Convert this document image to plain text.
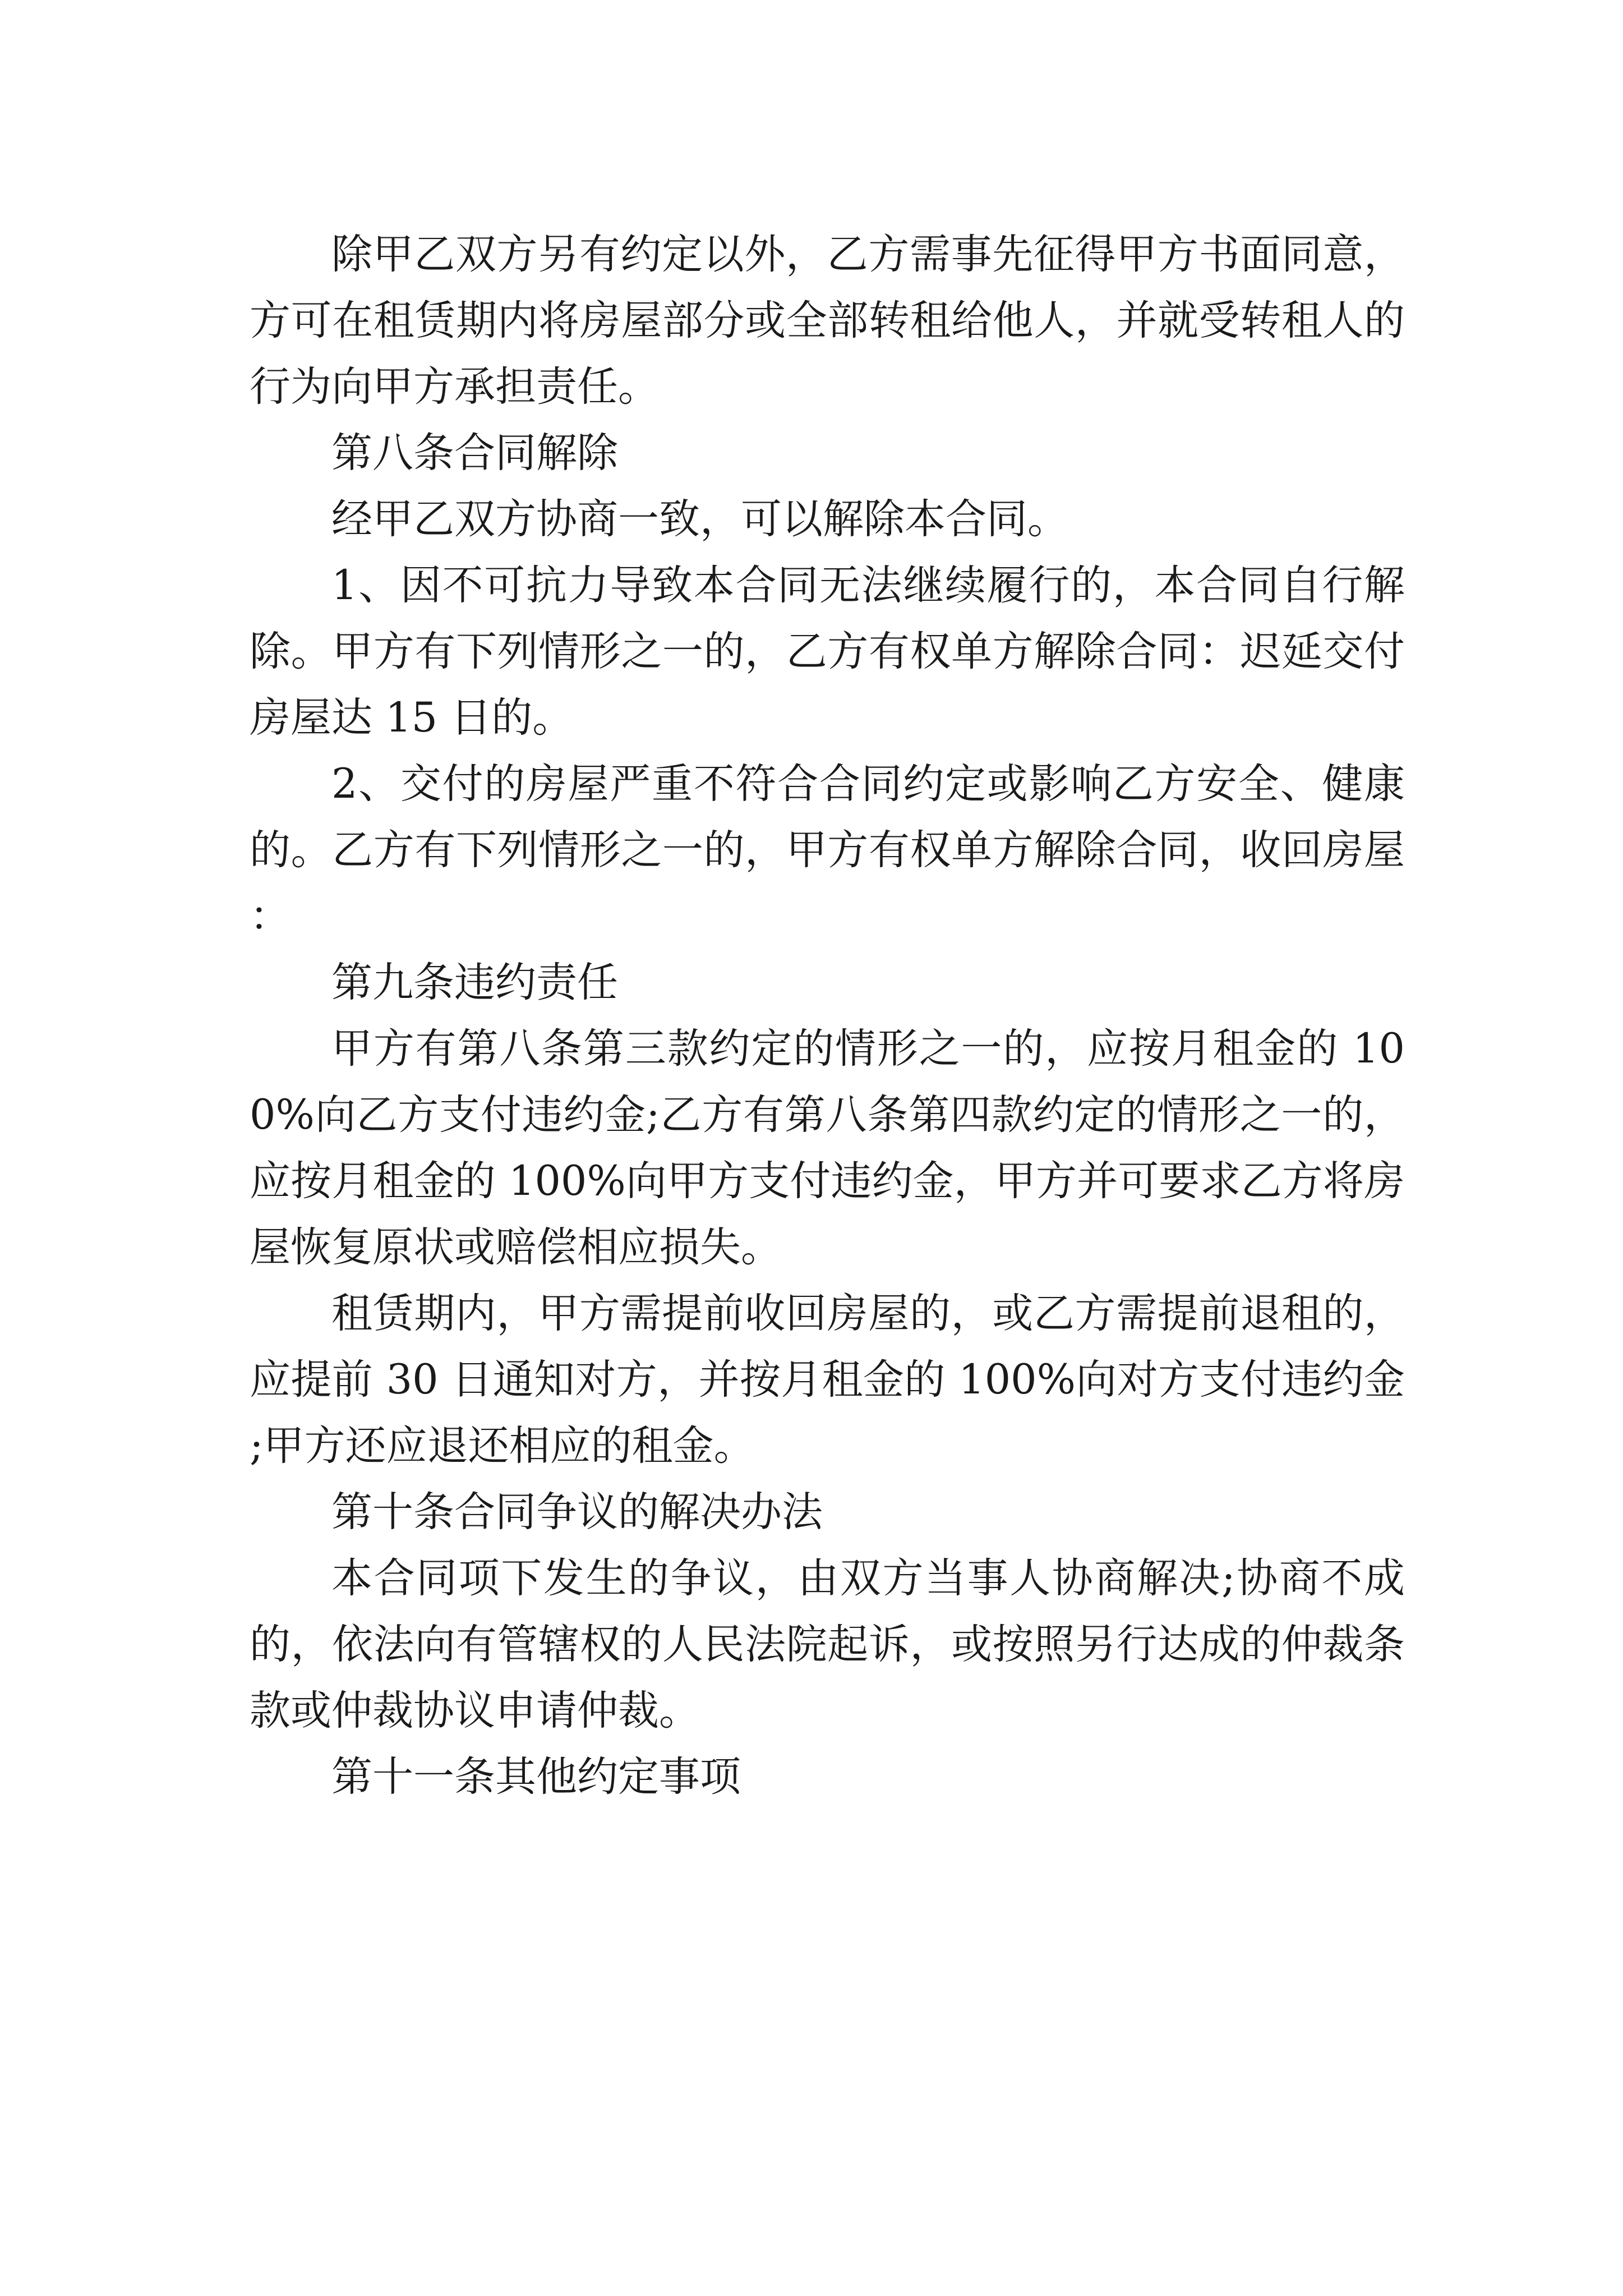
除甲乙双方另有约定以外，乙方需事先征得甲方书面同意，方可在租赁期内将房屋部分或全部转租给他人，并就受转租人的行为向甲方承担责任。

第八条合同解除

经甲乙双方协商一致，可以解除本合同。

1、因不可抗力导致本合同无法继续履行的，本合同自行解除。甲方有下列情形之一的，乙方有权单方解除合同：迟延交付房屋达 15 日的。

2、交付的房屋严重不符合合同约定或影响乙方安全、健康的。乙方有下列情形之一的，甲方有权单方解除合同，收回房屋：

第九条违约责任

甲方有第八条第三款约定的情形之一的，应按月租金的 100%向乙方支付违约金;乙方有第八条第四款约定的情形之一的，应按月租金的 100%向甲方支付违约金，甲方并可要求乙方将房屋恢复原状或赔偿相应损失。

租赁期内，甲方需提前收回房屋的，或乙方需提前退租的，应提前 30 日通知对方，并按月租金的 100%向对方支付违约金;甲方还应退还相应的租金。

第十条合同争议的解决办法

本合同项下发生的争议，由双方当事人协商解决;协商不成的，依法向有管辖权的人民法院起诉，或按照另行达成的仲裁条款或仲裁协议申请仲裁。

第十一条其他约定事项
